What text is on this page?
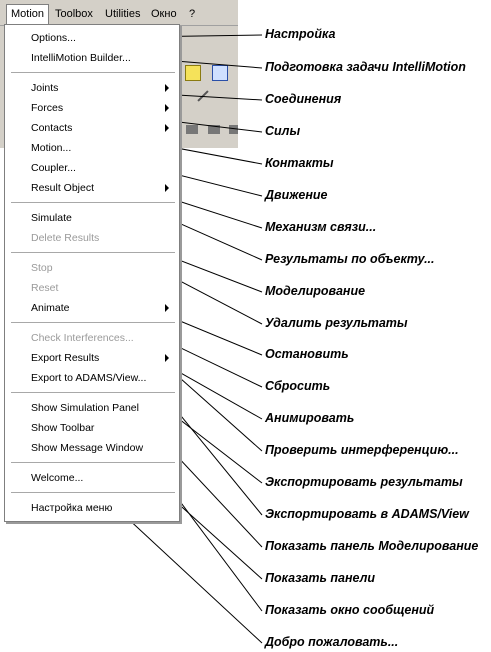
Motion Toolbox	Utilities Окно	?
Options...
IntelliMotion Builder...
Joints
Forces
Contacts
Motion...
Coupler...
Result Object
Simulate
Delete Results
Stop
Reset
Animate
Check Interferences...
Export Results
Export to ADAMS/View...
Show Simulation Panel
Show Toolbar
Show Message Window
Welcome...
Настройка меню
Настройка
Подготовка задачи IntelliMotion
Соединения
Силы
Контакты
Движение
Механизм связи...
Результаты по объекту...
Моделирование
Удалить результаты
Остановить
Сбросить
Анимировать
Проверить интерференцию...
Экспортировать результаты
Экспортировать в ADAMS/View
Показать панель Моделирование
Показать панели
Показать окно сообщений
Добро пожаловать...
